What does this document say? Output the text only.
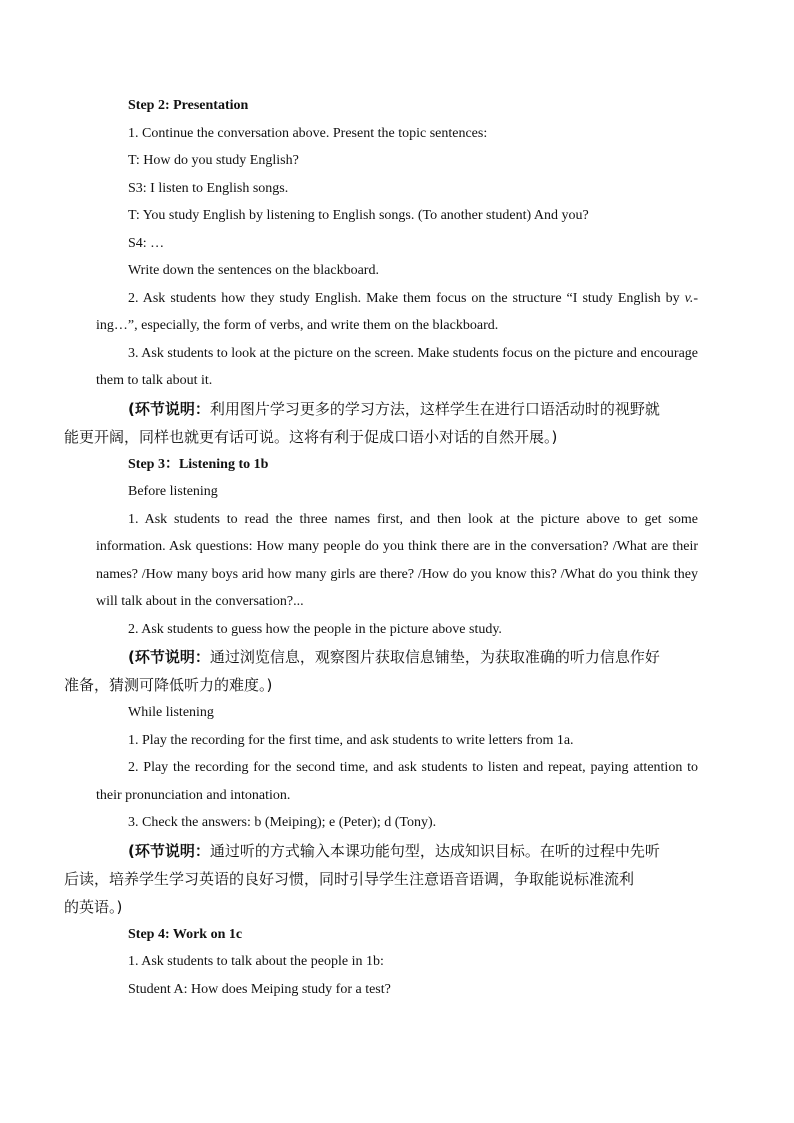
Step 2: Presentation

1. Continue the conversation above. Present the topic sentences:

T: How do you study English?

S3: I listen to English songs.

T: You study English by listening to English songs. (To another student) And you?

S4: …

Write down the sentences on the blackboard.

2. Ask students how they study English. Make them focus on the structure “I study English by v.-ing…”, especially, the form of verbs, and write them on the blackboard.

3. Ask students to look at the picture on the screen. Make students focus on the picture and encourage them to talk about it.

(环节说明：利用图片学习更多的学习方法，这样学生在进行口语活动时的视野就
能更开阔，同样也就更有话可说。这将有利于促成口语小对话的自然开展。)

Step 3：Listening to 1b

Before listening

1. Ask students to read the three names first, and then look at the picture above to get some information. Ask questions: How many people do you think there are in the conversation? /What are their names? /How many boys arid how many girls are there? /How do you know this? /What do you think they will talk about in the conversation?...

2. Ask students to guess how the people in the picture above study.

(环节说明：通过浏览信息，观察图片获取信息铺垫，为获取准确的听力信息作好
准备，猜测可降低听力的难度。)

While listening

1. Play the recording for the first time, and ask students to write letters from 1a.

2. Play the recording for the second time, and ask students to listen and repeat, paying attention to their pronunciation and intonation.

3. Check the answers: b (Meiping); e (Peter); d (Tony).

(环节说明：通过听的方式输入本课功能句型，达成知识目标。在听的过程中先听
后读，培养学生学习英语的良好习惯，同时引导学生注意语音语调，争取能说标准流利
的英语。)

Step 4: Work on 1c

1. Ask students to talk about the people in 1b:

Student A: How does Meiping study for a test?
